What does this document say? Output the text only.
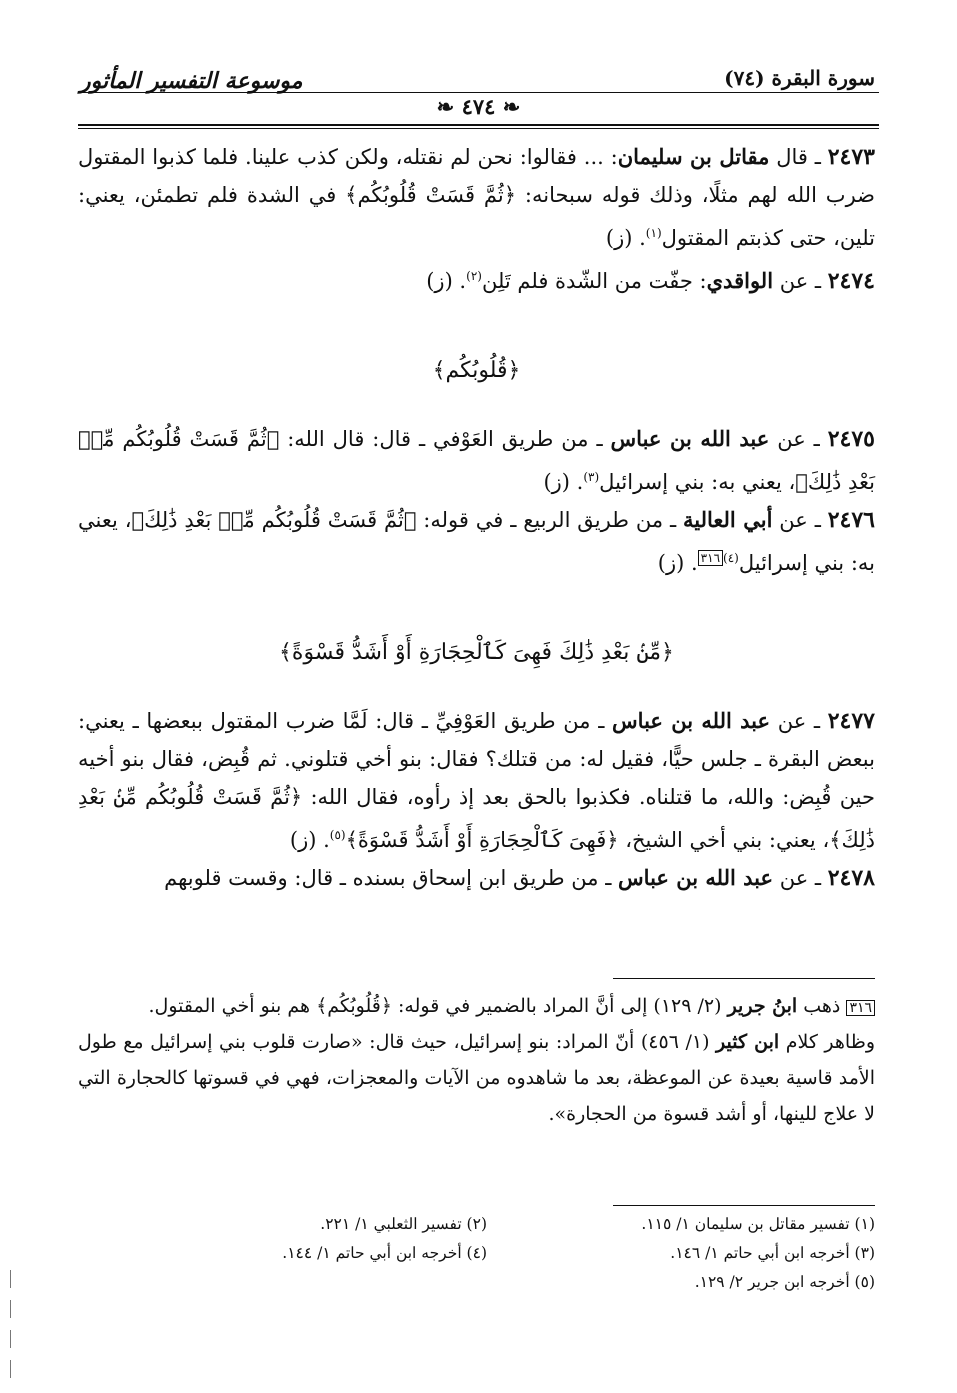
موسوعة التفسير المأثور	سورة البقرة (٧٤)
❧ ٤٧٤ ❧

٢٤٧٣ ـ قال مقاتل بن سليمان: ... فقالوا: نحن لم نقتله، ولكن كذب علينا. فلما كذبوا المقتول ضرب الله لهم مثلًا، وذلك قوله سبحانه: ﴿ثُمَّ قَسَتْ قُلُوبُكُم﴾ في الشدة فلم تطمئن، يعني: تلين، حتى كذبتم المقتول$^{(١)}$. (ز)

٢٤٧٤ ـ عن الواقدي: جفّت من الشّدة فلم تَلِن$^{(٢)}$. (ز)

﴿قُلُوبُكُم﴾

٢٤٧٥ ـ عن عبد الله بن عباس ـ من طريق العَوْفي ـ قال: قال الله: ﴿ثُمَّ قَسَتْ قُلُوبُكُم مِّنۢ بَعْدِ ذَٰلِكَ﴾، يعني به: بني إسرائيل$^{(٣)}$. (ز)

٢٤٧٦ ـ عن أبي العالية ـ من طريق الربيع ـ في قوله: ﴿ثُمَّ قَسَتْ قُلُوبُكُم مِّنۢ بَعْدِ ذَٰلِكَ﴾، يعني به: بني إسرائيل$^{(٤)}$٣١٦. (ز)

﴿مِّنۢ بَعْدِ ذَٰلِكَ فَهِىَ كَٱلْحِجَارَةِ أَوْ أَشَدُّ قَسْوَةً﴾

٢٤٧٧ ـ عن عبد الله بن عباس ـ من طريق العَوْفِيِّ ـ قال: لَمَّا ضرب المقتول ببعضها ـ يعني: ببعض البقرة ـ جلس حيًّا، فقيل له: من قتلك؟ فقال: بنو أخي قتلوني. ثم قُبِض، فقال بنو أخيه حين قُبِض: والله، ما قتلناه. فكذبوا بالحق بعد إذ رأوه، فقال الله: ﴿ثُمَّ قَسَتْ قُلُوبُكُم مِّنۢ بَعْدِ ذَٰلِكَ﴾، يعني: بني أخي الشيخ، ﴿فَهِىَ كَٱلْحِجَارَةِ أَوْ أَشَدُّ قَسْوَةً﴾$^{(٥)}$. (ز)

٢٤٧٨ ـ عن عبد الله بن عباس ـ من طريق ابن إسحاق بسنده ـ قال: وقست قلوبهم

٣١٦ ذهب ابنُ جرير (٢/ ١٢٩) إلى أنَّ المراد بالضمير في قوله: ﴿قُلُوبُكُم﴾ هم بنو أخي المقتول.

وظاهر كلام ابن كثير (١/ ٤٥٦) أنّ المراد: بنو إسرائيل، حيث قال: «صارت قلوب بني إسرائيل مع طول الأمد قاسية بعيدة عن الموعظة، بعد ما شاهدوه من الآيات والمعجزات، فهي في قسوتها كالحجارة التي لا علاج للينها، أو أشد قسوة من الحجارة».

(١) تفسير مقاتل بن سليمان ١/ ١١٥.
(٣) أخرجه ابن أبي حاتم ١/ ١٤٦.
(٥) أخرجه ابن جرير ٢/ ١٢٩.
(٢) تفسير الثعلبي ١/ ٢٢١.
(٤) أخرجه ابن أبي حاتم ١/ ١٤٤.
